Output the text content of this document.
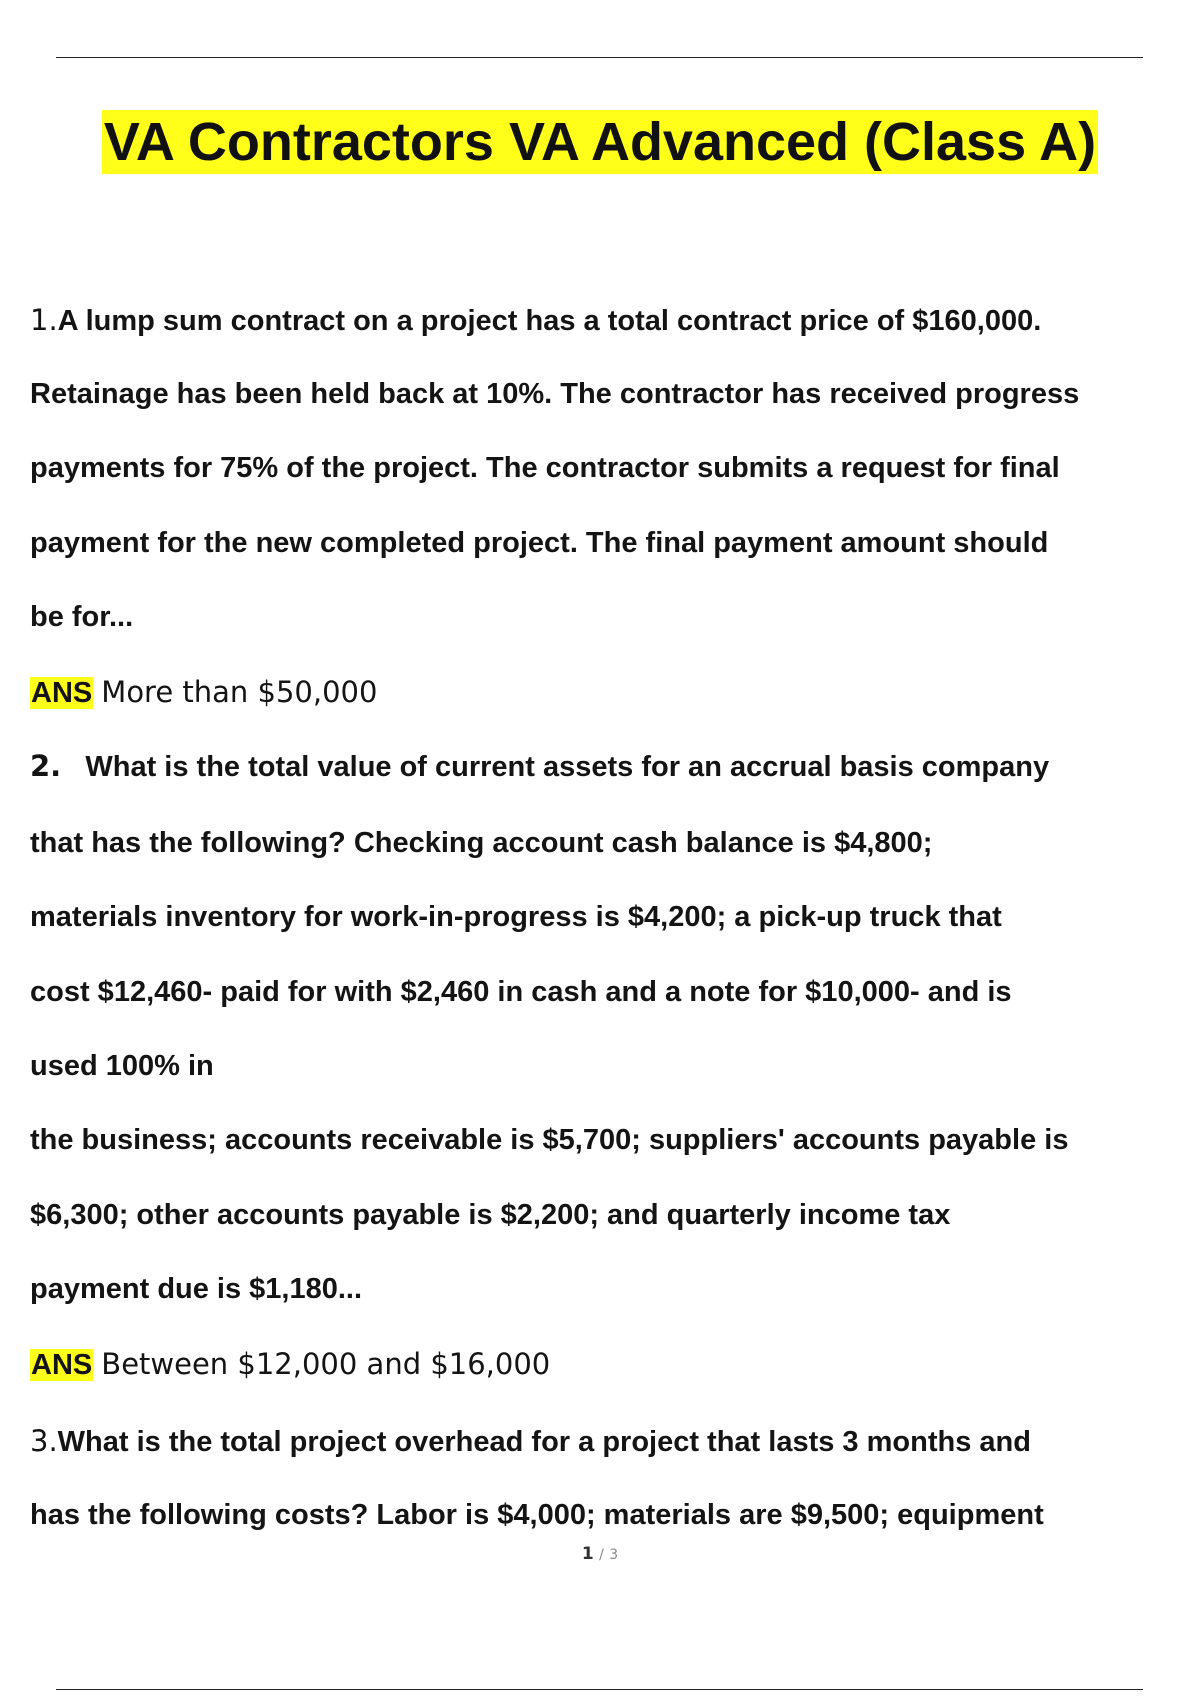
VA Contractors VA Advanced (Class A)
1.A lump sum contract on a project has a total contract price of $160,000.
Retainage has been held back at 10%. The contractor has received progress
payments for 75% of the project. The contractor submits a request for final
payment for the new completed project. The final payment amount should
be for...
ANS More than $50,000
2. What is the total value of current assets for an accrual basis company
that has the following? Checking account cash balance is $4,800;
materials inventory for work-in-progress is $4,200; a pick-up truck that
cost $12,460- paid for with $2,460 in cash and a note for $10,000- and is
used 100% in
the business; accounts receivable is $5,700; suppliers' accounts payable is
$6,300; other accounts payable is $2,200; and quarterly income tax
payment due is $1,180...
ANS Between $12,000 and $16,000
3.What is the total project overhead for a project that lasts 3 months and
has the following costs? Labor is $4,000; materials are $9,500; equipment
1 / 3
